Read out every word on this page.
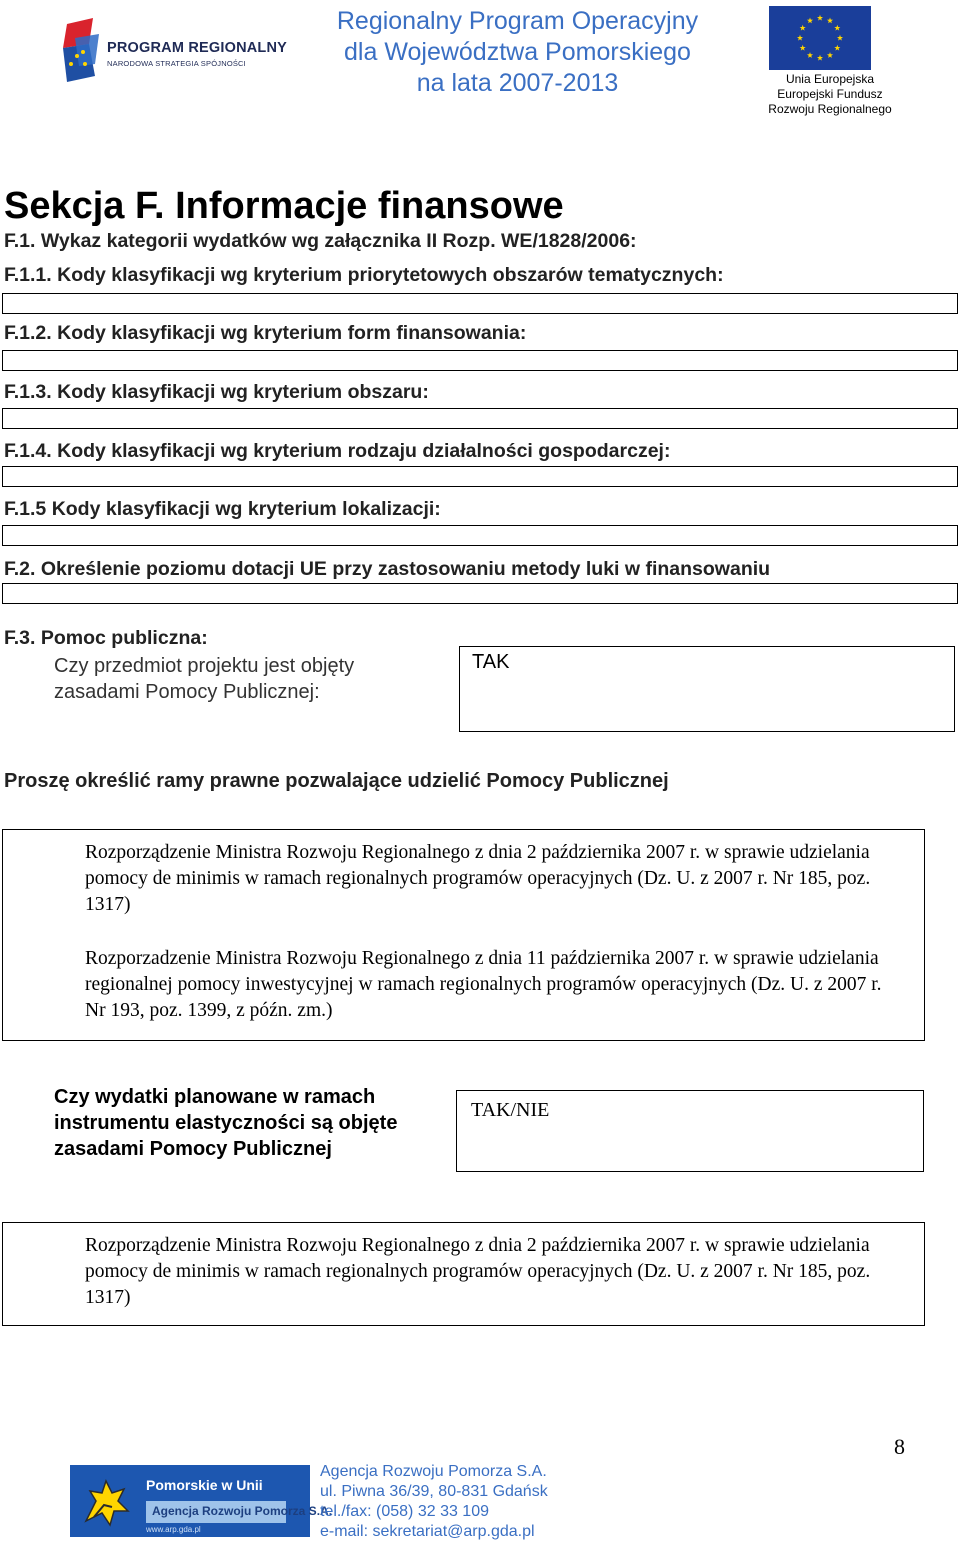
PROGRAM REGIONALNY
NARODOWA STRATEGIA SPÓJNOŚCI
Regionalny Program Operacyjny
dla Województwa Pomorskiego
na lata 2007-2013	Unia Europejska
Europejski Fundusz
Rozwoju Regionalnego
Sekcja F. Informacje finansowe
F.1. Wykaz kategorii wydatków wg załącznika II Rozp. WE/1828/2006:
F.1.1. Kody klasyfikacji wg kryterium priorytetowych obszarów tematycznych:
F.1.2. Kody klasyfikacji wg kryterium form finansowania:
F.1.3. Kody klasyfikacji wg kryterium obszaru:
F.1.4. Kody klasyfikacji wg kryterium rodzaju działalności gospodarczej:
F.1.5 Kody klasyfikacji wg kryterium lokalizacji:
F.2. Określenie poziomu dotacji UE przy zastosowaniu metody luki w finansowaniu
F.3. Pomoc publiczna:
Czy przedmiot projektu jest objęty
zasadami Pomocy Publicznej:
TAK
Proszę określić ramy prawne pozwalające udzielić Pomocy Publicznej

Rozporządzenie Ministra Rozwoju Regionalnego z dnia 2 października 2007 r. w sprawie udzielania pomocy de minimis w ramach regionalnych programów operacyjnych (Dz. U. z 2007 r. Nr 185, poz. 1317)

Rozporzadzenie Ministra Rozwoju Regionalnego z dnia 11 października 2007 r. w sprawie udzielania regionalnej pomocy inwestycyjnej w ramach regionalnych programów operacyjnych (Dz. U. z 2007 r. Nr 193, poz. 1399, z późn. zm.)

Czy wydatki planowane w ramach instrumentu elastyczności są objęte zasadami Pomocy Publicznej
TAK/NIE

Rozporządzenie Ministra Rozwoju Regionalnego z dnia 2 października 2007 r. w sprawie udzielania pomocy de minimis w ramach regionalnych programów operacyjnych (Dz. U. z 2007 r. Nr 185, poz. 1317)

8
Pomorskie w Unii
Agencja Rozwoju Pomorza S.A.
www.arp.gda.pl
Agencja Rozwoju Pomorza S.A.
ul. Piwna 36/39, 80-831 Gdańsk
tel./fax: (058) 32 33 109
e-mail: sekretariat@arp.gda.pl
